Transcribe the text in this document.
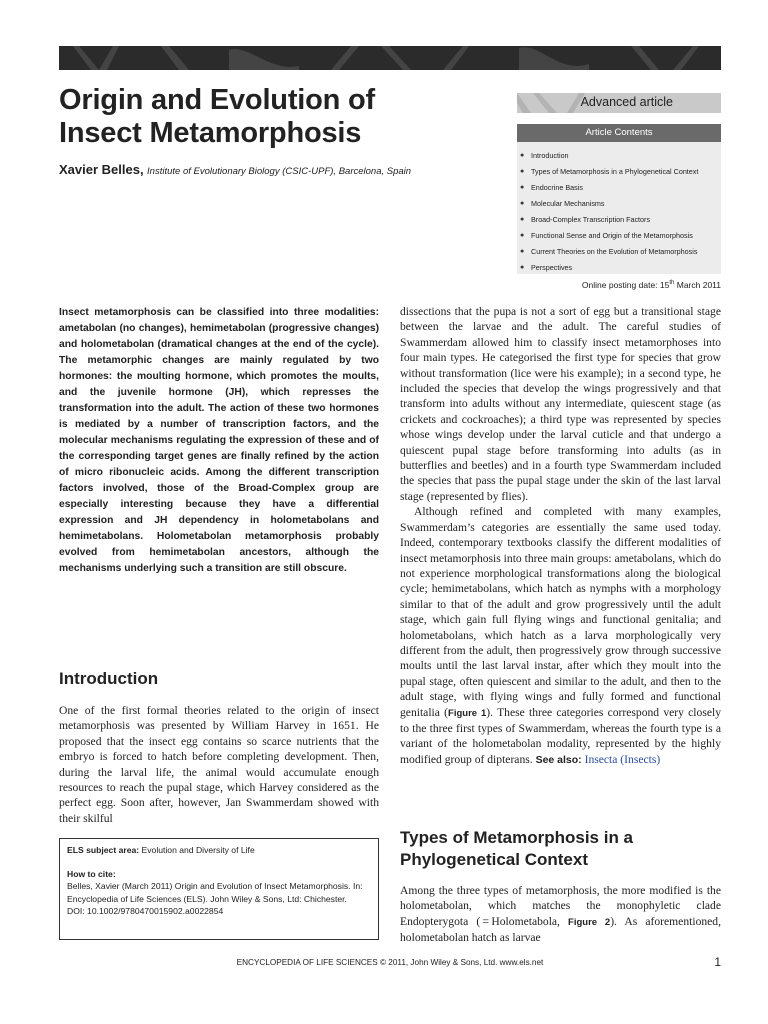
Origin and Evolution of
Insect Metamorphosis
Xavier Belles, Institute of Evolutionary Biology (CSIC-UPF), Barcelona, Spain
Advanced article
Article Contents
● Introduction
● Types of Metamorphosis in a Phylogenetical Context
● Endocrine Basis
● Molecular Mechanisms
● Broad-Complex Transcription Factors
● Functional Sense and Origin of the Metamorphosis
● Current Theories on the Evolution of Metamorphosis
● Perspectives
Online posting date: 15th March 2011

Insect metamorphosis can be classified into three modalities: ametabolan (no changes), hemimetabolan (progressive changes) and holometabolan (dramatical changes at the end of the cycle). The metamorphic changes are mainly regulated by two hormones: the moulting hormone, which promotes the moults, and the juvenile hormone (JH), which represses the transformation into the adult. The action of these two hormones is mediated by a number of transcription factors, and the molecular mechanisms regulating the expression of these and of the corresponding target genes are finally refined by the action of micro ribonucleic acids. Among the different transcription factors involved, those of the Broad-Complex group are especially interesting because they have a differential expression and JH dependency in holometabolans and hemimetabolans. Holometabolan metamorphosis probably evolved from hemimetabolan ancestors, although the mechanisms underlying such a transition are still obscure.

Introduction

One of the first formal theories related to the origin of insect metamorphosis was presented by William Harvey in 1651. He proposed that the insect egg contains so scarce nutrients that the embryo is forced to hatch before completing development. Then, during the larval life, the animal would accumulate enough resources to reach the pupal stage, which Harvey considered as the perfect egg. Soon after, however, Jan Swammerdam showed with their skilful

ELS subject area: Evolution and Diversity of Life
How to cite:
Belles, Xavier (March 2011) Origin and Evolution of Insect Metamorphosis. In: Encyclopedia of Life Sciences (ELS). John Wiley & Sons, Ltd: Chichester.
DOI: 10.1002/9780470015902.a0022854

dissections that the pupa is not a sort of egg but a transitional stage between the larvae and the adult. The careful studies of Swammerdam allowed him to classify insect metamorphoses into four main types. He categorised the first type for species that grow without transformation (lice were his example); in a second type, he included the species that develop the wings progressively and that transform into adults without any intermediate, quiescent stage (as crickets and cockroaches); a third type was represented by species whose wings develop under the larval cuticle and that undergo a quiescent pupal stage before transforming into adults (as in butterflies and beetles) and in a fourth type Swammerdam included the species that pass the pupal stage under the skin of the last larval stage (represented by flies).

Although refined and completed with many examples, Swammerdam’s categories are essentially the same used today. Indeed, contemporary textbooks classify the different modalities of insect metamorphosis into three main groups: ametabolans, which do not experience morphological transformations along the biological cycle; hemimetabolans, which hatch as nymphs with a morphology similar to that of the adult and grow progressively until the adult stage, which gain full flying wings and functional genitalia; and holometabolans, which hatch as a larva morphologically very different from the adult, then progressively grow through successive moults until the last larval instar, after which they moult into the pupal stage, often quiescent and similar to the adult, and then to the adult stage, with flying wings and fully formed and functional genitalia (Figure 1). These three categories correspond very closely to the three first types of Swammerdam, whereas the fourth type is a variant of the holometabolan modality, represented by the highly modified group of dipterans. See also: Insecta (Insects)

Types of Metamorphosis in a
Phylogenetical Context

Among the three types of metamorphosis, the more modified is the holometabolan, which matches the monophyletic clade Endopterygota ( = Holometabola, Figure 2). As aforementioned, holometabolan hatch as larvae

ENCYCLOPEDIA OF LIFE SCIENCES © 2011, John Wiley & Sons, Ltd. www.els.net	1
